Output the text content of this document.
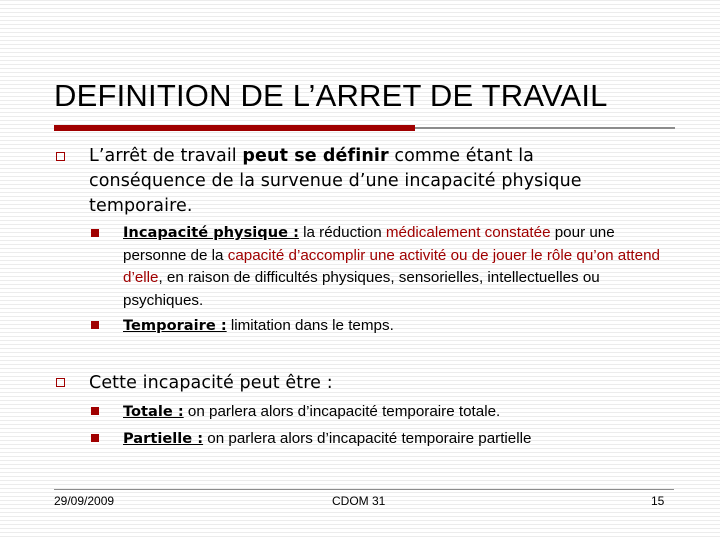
DEFINITION DE L’ARRET DE TRAVAIL
L’arrêt de travail peut se définir comme étant la
conséquence de la survenue d’une incapacité physique
temporaire.
Incapacité physique : la réduction médicalement constatée pour une personne de la capacité d’accomplir une activité ou de jouer le rôle qu’on attend d’elle, en raison de difficultés physiques, sensorielles, intellectuelles ou psychiques.
Temporaire : limitation dans le temps.
Cette incapacité peut être :
Totale : on parlera alors d’incapacité temporaire totale.
Partielle : on parlera alors d’incapacité temporaire partielle
29/09/2009	CDOM 31	15
